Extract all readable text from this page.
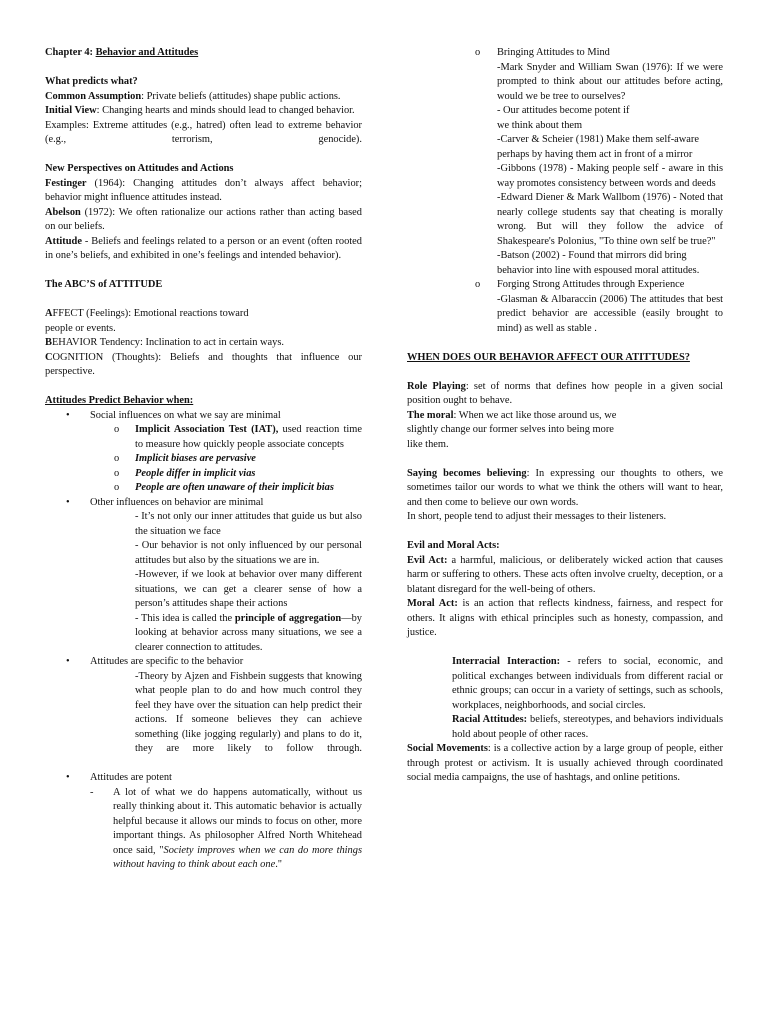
Chapter 4: Behavior and Attitudes

What predicts what?

Common Assumption: Private beliefs (attitudes) shape public actions.

Initial View: Changing hearts and minds should lead to changed behavior.

Examples: Extreme attitudes (e.g., hatred) often lead to extreme behavior (e.g., terrorism, genocide).

New Perspectives on Attitudes and Actions

Festinger (1964): Changing attitudes don’t always affect behavior; behavior might influence attitudes instead.

Abelson (1972): We often rationalize our actions rather than acting based on our beliefs.

Attitude - Beliefs and feelings related to a person or an event (often rooted in one’s beliefs, and exhibited in one’s feelings and intended behavior).

The ABC’S of ATTITUDE

AFFECT (Feelings): Emotional reactions toward people or events.

BEHAVIOR Tendency: Inclination to act in certain ways.

COGNITION (Thoughts): Beliefs and thoughts that influence our perspective.

Attitudes Predict Behavior when:

• Social influences on what we say are minimal

o Implicit Association Test (IAT), used reaction time to measure how quickly people associate concepts

o Implicit biases are pervasive

o People differ in implicit vias

o People are often unaware of their implicit bias

• Other influences on behavior are minimal

- It’s not only our inner attitudes that guide us but also the situation we face

- Our behavior is not only influenced by our personal attitudes but also by the situations we are in.

-However, if we look at behavior over many different situations, we can get a clearer sense of how a person’s attitudes shape their actions

- This idea is called the principle of aggregation—by looking at behavior across many situations, we see a clearer connection to attitudes.

• Attitudes are specific to the behavior

-Theory by Ajzen and Fishbein suggests that knowing what people plan to do and how much control they feel they have over the situation can help predict their actions. If someone believes they can achieve something (like jogging regularly) and plans to do it, they are more likely to follow through.

• Attitudes are potent

- A lot of what we do happens automatically, without us really thinking about it. This automatic behavior is actually helpful because it allows our minds to focus on other, more important things. As philosopher Alfred North Whitehead once said, "Society improves when we can do more things without having to think about each one."

o Bringing Attitudes to Mind

-Mark Snyder and William Swan (1976): If we were prompted to think about our attitudes before acting, would we be tree to ourselves?

- Our attitudes become potent if we think about them

-Carver & Scheier (1981) Make them self-aware perhaps by having them act in front of a mirror

-Gibbons (1978) - Making people self - aware in this way promotes consistency between words and deeds

-Edward Diener & Mark Wallbom (1976) - Noted that nearly college students say that cheating is morally wrong. But will they follow the advice of Shakespeare's Polonius, "To thine own self be true?"

-Batson (2002) - Found that mirrors did bring behavior into line with espoused moral attitudes.

o Forging Strong Attitudes through Experience

-Glasman & Albaraccin (2006) The attitudes that best predict behavior are accessible (easily brought to mind) as well as stable .

WHEN DOES OUR BEHAVIOR AFFECT OUR ATITTUDES?

Role Playing: set of norms that defines how people in a given social position ought to behave.

The moral: When we act like those around us, we slightly change our former selves into being more like them.

Saying becomes believing: In expressing our thoughts to others, we sometimes tailor our words to what we think the others will want to hear, and then come to believe our own words.

In short, people tend to adjust their messages to their listeners.

Evil and Moral Acts:

Evil Act: a harmful, malicious, or deliberately wicked action that causes harm or suffering to others. These acts often involve cruelty, deception, or a blatant disregard for the well-being of others.

Moral Act: is an action that reflects kindness, fairness, and respect for others. It aligns with ethical principles such as honesty, compassion, and justice.

Interracial Interaction: - refers to social, economic, and political exchanges between individuals from different racial or ethnic groups; can occur in a variety of settings, such as schools, workplaces, neighborhoods, and social circles.

Racial Attitudes: beliefs, stereotypes, and behaviors individuals hold about people of other races.

Social Movements: is a collective action by a large group of people, either through protest or activism. It is usually achieved through coordinated social media campaigns, the use of hashtags, and online petitions.
